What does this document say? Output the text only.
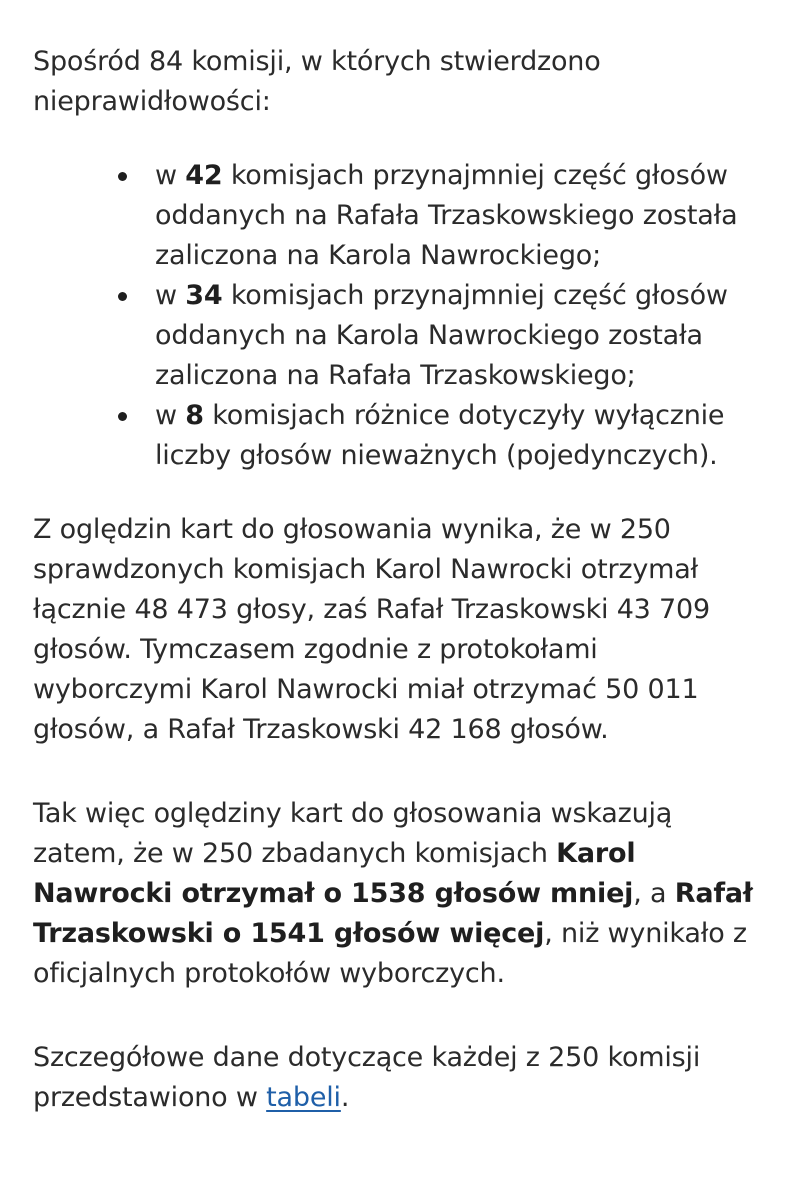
Spośród 84 komisji, w których stwierdzono nieprawidłowości:

w 42 komisjach przynajmniej część głosów oddanych na Rafała Trzaskowskiego została zaliczona na Karola Nawrockiego;
w 34 komisjach przynajmniej część głosów oddanych na Karola Nawrockiego została zaliczona na Rafała Trzaskowskiego;
w 8 komisjach różnice dotyczyły wyłącznie liczby głosów nieważnych (pojedynczych).

Z oględzin kart do głosowania wynika, że w 250 sprawdzonych komisjach Karol Nawrocki otrzymał łącznie 48 473 głosy, zaś Rafał Trzaskowski 43 709 głosów. Tymczasem zgodnie z protokołami wyborczymi Karol Nawrocki miał otrzymać 50 011 głosów, a Rafał Trzaskowski 42 168 głosów.

Tak więc oględziny kart do głosowania wskazują zatem, że w 250 zbadanych komisjach Karol Nawrocki otrzymał o 1538 głosów mniej, a Rafał Trzaskowski o 1541 głosów więcej, niż wynikało z oficjalnych protokołów wyborczych.

Szczegółowe dane dotyczące każdej z 250 komisji przedstawiono w tabeli.
